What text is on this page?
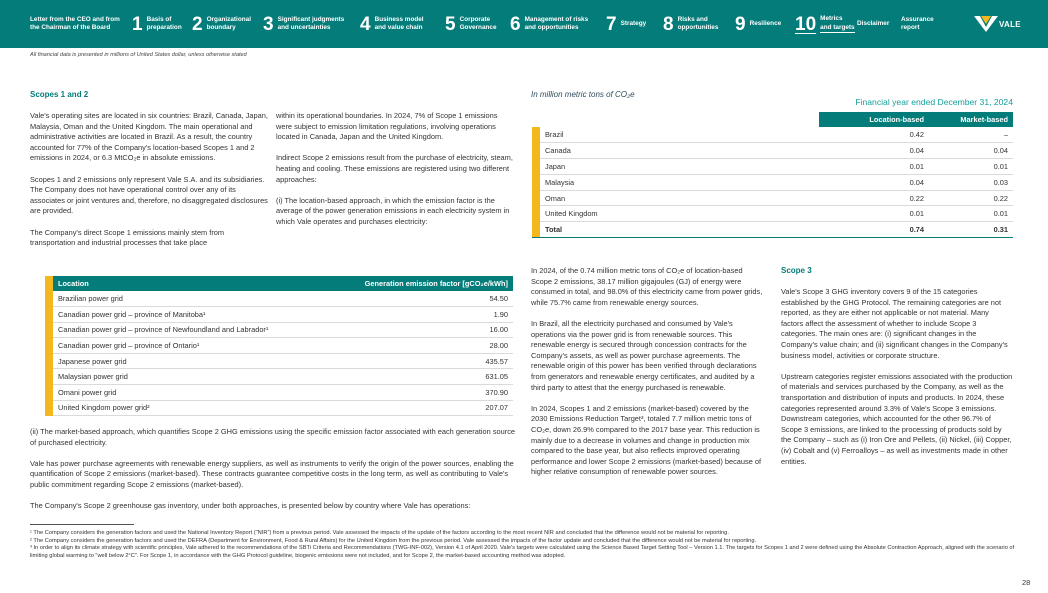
Letter from the CEO and from
the Chairman of the Board	1 Basis of
preparation 2 Organizational
boundary	3 Significant judgments
and uncertainties	4 Business model
and value chain 5 Corporate
Governance 6 Management of risks
and opportunities	7 Strategy 8 Risks and
opportunities 9 Resilience 10 Metrics
and targets
Disclaimer
Assurance
report	VALE
All financial data is presented in millions of United States dollar, unless otherwise stated
Scopes 1 and 2

Vale's operating sites are located in six countries: Brazil, Canada, Japan, Malaysia, Oman and the United Kingdom. The main operational and administrative activities are located in Brazil. As a result, the country accounted for 77% of the Company's location-based Scopes 1 and 2 emissions in 2024, or 6.3 MtCO₂e in absolute emissions.

Scopes 1 and 2 emissions only represent Vale S.A. and its subsidiaries. The Company does not have operational control over any of its associates or joint ventures and, therefore, no disaggregated disclosures are provided.

The Company's direct Scope 1 emissions mainly stem from transportation and industrial processes that take place

within its operational boundaries. In 2024, 7% of Scope 1 emissions were subject to emission limitation regulations, involving operations located in Canada, Japan and the United Kingdom.

Indirect Scope 2 emissions result from the purchase of electricity, steam, heating and cooling. These emissions are registered using two different approaches:

(i) The location-based approach, in which the emission factor is the average of the power generation emissions in each electricity system in which Vale operates and purchases electricity:

In million metric tons of CO₂e
Financial year ended December 31, 2024
		Location-based	Market-based
	Brazil	0.42	–
	Canada	0.04	0.04
	Japan	0.01	0.01
	Malaysia	0.04	0.03
	Oman	0.22	0.22
	United Kingdom	0.01	0.01
	Total	0.74	0.31
	Location	Generation emission factor [gCO₂e/kWh]
	Brazilian power grid	54.50
	Canadian power grid – province of Manitoba¹	1.90
	Canadian power grid – province of Newfoundland and Labrador¹	16.00
	Canadian power grid – province of Ontario¹	28.00
	Japanese power grid	435.57
	Malaysian power grid	631.05
	Omani power grid	370.90
	United Kingdom power grid²	207.07

(ii) The market-based approach, which quantifies Scope 2 GHG emissions using the specific emission factor associated with each generation source of purchased electricity.

Vale has power purchase agreements with renewable energy suppliers, as well as instruments to verify the origin of the power sources, enabling the quantification of Scope 2 emissions (market-based). These contracts guarantee competitive costs in the long term, as well as contributing to Vale's public commitment regarding Scope 2 emissions (market-based).

The Company's Scope 2 greenhouse gas inventory, under both approaches, is presented below by country where Vale has operations:

In 2024, of the 0.74 million metric tons of CO₂e of location-based Scope 2 emissions, 38.17 million gigajoules (GJ) of energy were consumed in total, and 98.0% of this electricity came from power grids, while 75.7% came from renewable energy sources.

In Brazil, all the electricity purchased and consumed by Vale's operations via the power grid is from renewable sources. This renewable energy is secured through concession contracts for the Company's assets, as well as power purchase agreements. The renewable origin of this power has been verified through declarations from generators and renewable energy certificates, and audited by a third party to attest that the energy purchased is renewable.

In 2024, Scopes 1 and 2 emissions (market-based) covered by the 2030 Emissions Reduction Target³, totaled 7.7 million metric tons of CO₂e, down 26.9% compared to the 2017 base year. This reduction is mainly due to a decrease in volumes and change in production mix compared to the base year, but also reflects improved operating performance and lower Scope 2 emissions (market-based) because of higher relative consumption of renewable power sources.

Scope 3

Vale's Scope 3 GHG inventory covers 9 of the 15 categories established by the GHG Protocol. The remaining categories are not reported, as they are either not applicable or not material. Many factors affect the assessment of whether to include Scope 3 categories. The main ones are: (i) significant changes in the Company's value chain; and (ii) significant changes in the Company's business model, activities or corporate structure.

Upstream categories register emissions associated with the production of materials and services purchased by the Company, as well as the transportation and distribution of inputs and products. In 2024, these categories represented around 3.3% of Vale's Scope 3 emissions. Downstream categories, which accounted for the other 96.7% of Scope 3 emissions, are linked to the processing of products sold by the Company – such as (i) Iron Ore and Pellets, (ii) Nickel, (iii) Copper, (iv) Cobalt and (v) Ferroalloys – as well as investments made in other entities.

¹ The Company considers the generation factors and used the National Inventory Report ("NIR") from a previous period. Vale assessed the impacts of the update of the factors according to the most recent NIR and concluded that the difference would not be material for reporting.
² The Company considers the generation factors and used the DEFRA (Department for Environment, Food & Rural Affairs) for the United Kingdom from the previous period. Vale assessed the impacts of the factor update and concluded that the difference would not be material for reporting.
³ In order to align its climate strategy with scientific principles, Vale adhered to the recommendations of the SBTi Criteria and Recommendations (TWG-INF-002), Version 4.1 of April 2020. Vale's targets were calculated using the Science Based Target Setting Tool – Version 1.1. The targets for Scopes 1 and 2 were defined using the Absolute Contraction Approach, aligned with the scenario of limiting global warming to "well below 2°C". For Scope 1, in accordance with the GHG Protocol guideline, biogenic emissions were not included, and for Scope 2, the market-based accounting method was adopted.
28
